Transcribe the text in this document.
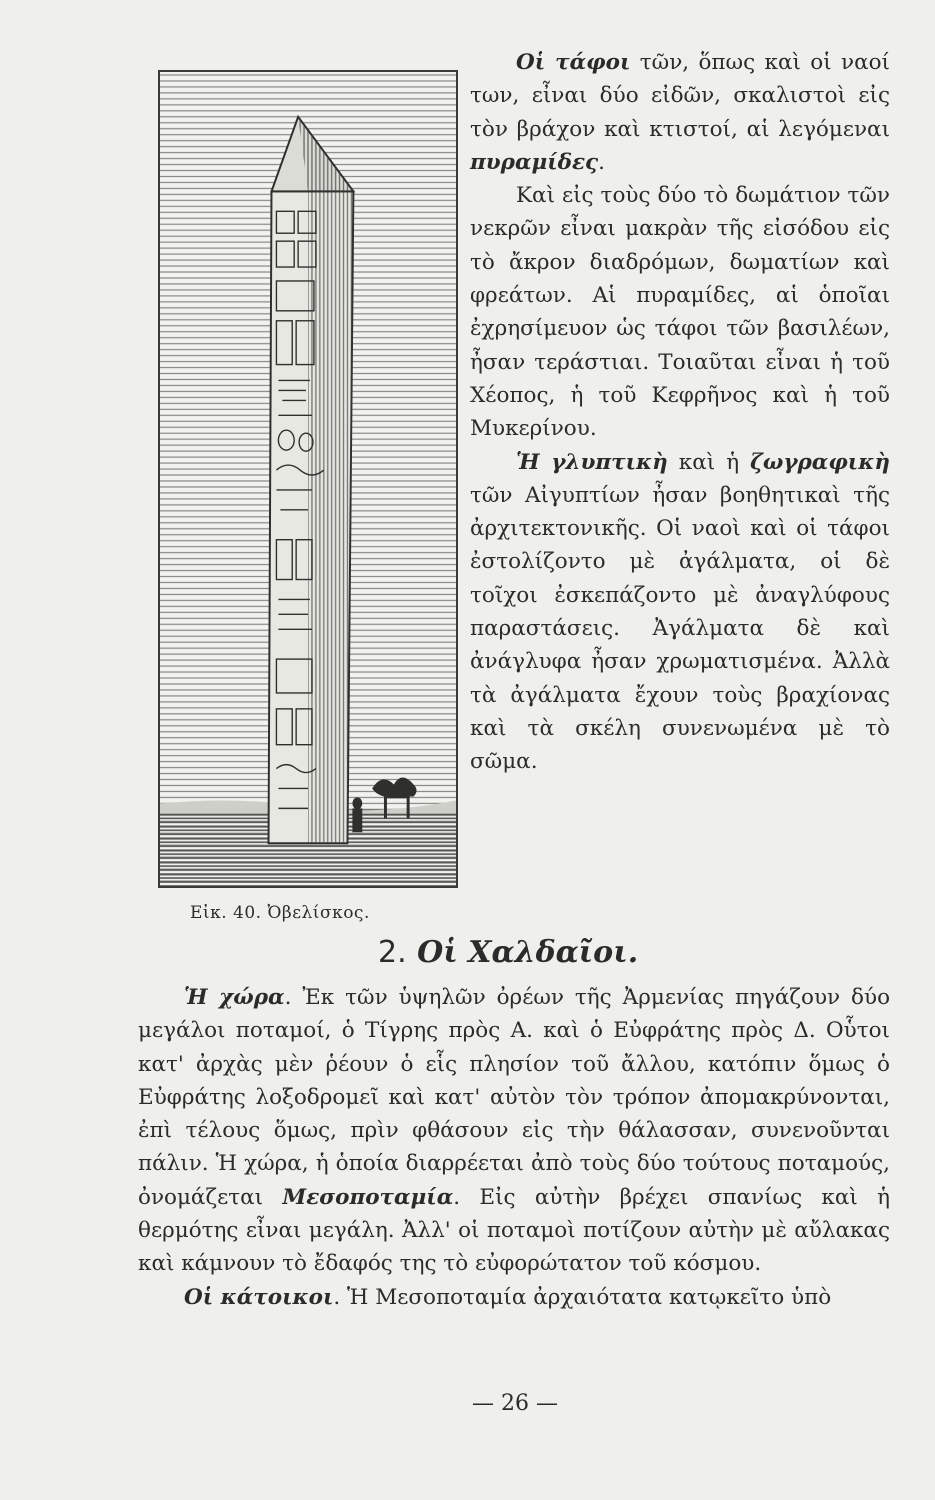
Εἰκ. 40. Ὀβελίσκος.

Οἱ τάφοι τῶν, ὅπως καὶ οἱ ναοί των, εἶναι δύο εἰδῶν, σκαλιστοὶ εἰς τὸν βράχον καὶ κτιστοί, αἱ λεγόμεναι πυραμίδες.

Καὶ εἰς τοὺς δύο τὸ δωμάτιον τῶν νεκρῶν εἶναι μακρὰν τῆς εἰσόδου εἰς τὸ ἄκρον διαδρόμων, δωματίων καὶ φρεάτων. Αἱ πυραμίδες, αἱ ὁποῖαι ἐχρησίμευον ὡς τάφοι τῶν βασιλέων, ἦσαν τεράστιαι. Τοιαῦται εἶναι ἡ τοῦ Χέοπος, ἡ τοῦ Κεφρῆνος καὶ ἡ τοῦ Μυκερίνου.

Ἡ γλυπτικὴ καὶ ἡ ζωγραφικὴ τῶν Αἰγυπτίων ἦσαν βοηθητικαὶ τῆς ἀρχιτεκτονικῆς. Οἱ ναοὶ καὶ οἱ τάφοι ἐστολίζοντο μὲ ἀγάλματα, οἱ δὲ τοῖχοι ἐσκεπάζοντο μὲ ἀναγλύφους παραστάσεις. Ἀγάλματα δὲ καὶ ἀνάγλυφα ἦσαν χρωματισμένα. Ἀλλὰ τὰ ἀγάλματα ἔχουν τοὺς βραχίονας καὶ τὰ σκέλη συνενωμένα μὲ τὸ σῶμα.

2. Οἱ Χαλδαῖοι.

Ἡ χώρα. Ἐκ τῶν ὑψηλῶν ὀρέων τῆς Ἀρμενίας πηγάζουν δύο μεγάλοι ποταμοί, ὁ Τίγρης πρὸς Α. καὶ ὁ Εὐφράτης πρὸς Δ. Οὗτοι κατ' ἀρχὰς μὲν ῥέουν ὁ εἷς πλησίον τοῦ ἄλλου, κατόπιν ὅμως ὁ Εὐφράτης λοξοδρομεῖ καὶ κατ' αὐτὸν τὸν τρόπον ἀπομακρύνονται, ἐπὶ τέλους ὅμως, πρὶν φθάσουν εἰς τὴν θάλασσαν, συνενοῦνται πάλιν. Ἡ χώρα, ἡ ὁποία διαρρέεται ἀπὸ τοὺς δύο τούτους ποταμούς, ὀνομάζεται Μεσοποταμία. Εἰς αὐτὴν βρέχει σπανίως καὶ ἡ θερμότης εἶναι μεγάλη. Ἀλλ' οἱ ποταμοὶ ποτίζουν αὐτὴν μὲ αὔλακας καὶ κάμνουν τὸ ἔδαφός της τὸ εὐφορώτατον τοῦ κόσμου.

Οἱ κάτοικοι. Ἡ Μεσοποταμία ἀρχαιότατα κατῳκεῖτο ὑπὸ

— 26 —
